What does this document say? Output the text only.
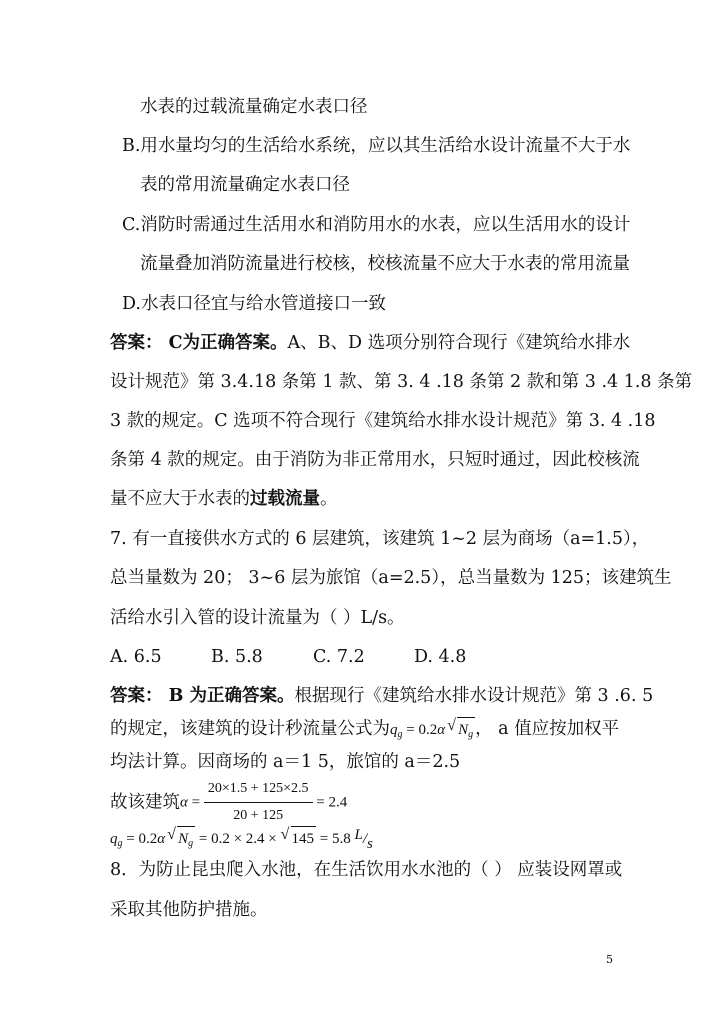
水表的过载流量确定水表口径
B.用水量均匀的生活给水系统，应以其生活给水设计流量不大于水
表的常用流量确定水表口径
C.消防时需通过生活用水和消防用水的水表，应以生活用水的设计
流量叠加消防流量进行校核，校核流量不应大于水表的常用流量
D.水表口径宜与给水管道接口一致
答案： C为正确答案。A、B、D 选项分别符合现行《建筑给水排水
设计规范》第 3.4.18 条第 1 款、第 3. 4 .18 条第 2 款和第 3 .4 1.8 条第
3 款的规定。C 选项不符合现行《建筑给水排水设计规范》第 3. 4 .18
条第 4 款的规定。由于消防为非正常用水，只短时通过，因此校核流
量不应大于水表的过载流量。
7. 有一直接供水方式的 6 层建筑，该建筑 1~2 层为商场（a=1.5），
总当量数为 20； 3~6 层为旅馆（a=2.5），总当量数为 125；该建筑生
活给水引入管的设计流量为（ ）L/s。
A. 6.5	B. 5.8	C. 7.2	D. 4.8
答案： B 为正确答案。根据现行《建筑给水排水设计规范》第 3 .6. 5
的规定，该建筑的设计秒流量公式为$q_g = 0.2\alpha√$ $N_g$ ， a 值应按加权平
均法计算。因商场的 a＝1 5，旅馆的 a＝2.5
故该建筑$\alpha = \frac{20\times 1.5 + 125\times 2.5}{20 + 125} = 2.4$
$q_g = 0.2\alpha√$ $N_g = 0.2 \times 2.4$ × √ 145 = 5.8 L/s
8．为防止昆虫爬入水池，在生活饮用水水池的（ ） 应装设网罩或
采取其他防护措施。
5
